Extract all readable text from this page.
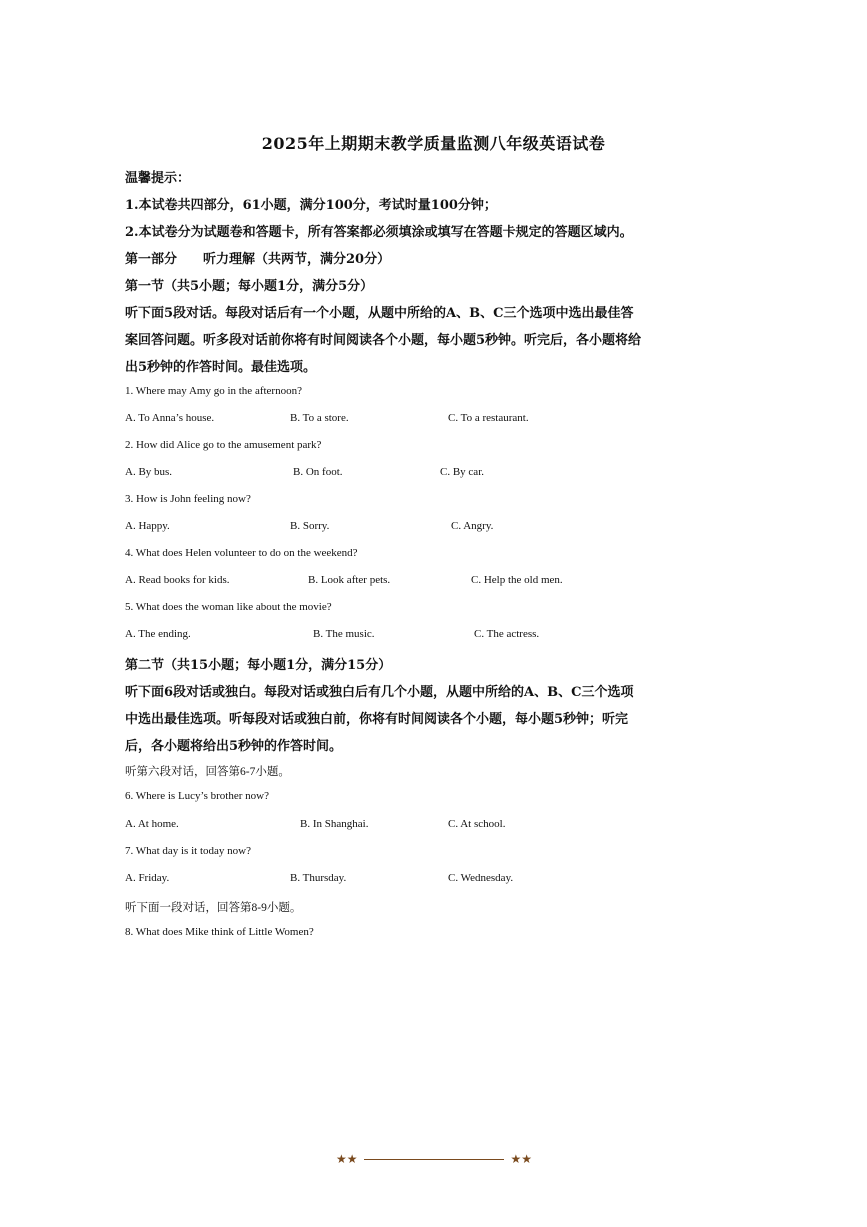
2025年上期期末教学质量监测八年级英语试卷
温馨提示：
1.本试卷共四部分，61小题，满分100分，考试时量100分钟；
2.本试卷分为试题卷和答题卡，所有答案都必须填涂或填写在答题卡规定的答题区域内。
第一部分　　听力理解（共两节，满分20分）
第一节（共5小题；每小题1分，满分5分）
听下面5段对话。每段对话后有一个小题，从题中所给的A、B、C三个选项中选出最佳答
案回答问题。听多段对话前你将有时间阅读各个小题，每小题5秒钟。听完后，各小题将给
出5秒钟的作答时间。最佳选项。
1. Where may Amy go in the afternoon?
A. To Anna’s house.	B. To a store.	C. To a restaurant.
2. How did Alice go to the amusement park?
A. By bus.	B. On foot.	C. By car.
3. How is John feeling now?
A. Happy.	B. Sorry.	C. Angry.
4. What does Helen volunteer to do on the weekend?
A. Read books for kids.	B. Look after pets.	C. Help the old men.
5. What does the woman like about the movie?
A. The ending.	B. The music.	C. The actress.
第二节（共15小题；每小题1分，满分15分）
听下面6段对话或独白。每段对话或独白后有几个小题，从题中所给的A、B、C三个选项
中选出最佳选项。听每段对话或独白前，你将有时间阅读各个小题，每小题5秒钟；听完
后，各小题将给出5秒钟的作答时间。
听第六段对话，回答第6-7小题。
6. Where is Lucy’s brother now?
A. At home.	B. In Shanghai.	C. At school.
7. What day is it today now?
A. Friday.	B. Thursday.	C. Wednesday.
听下面一段对话，回答第8-9小题。
8. What does Mike think of Little Women?
★★	★★
